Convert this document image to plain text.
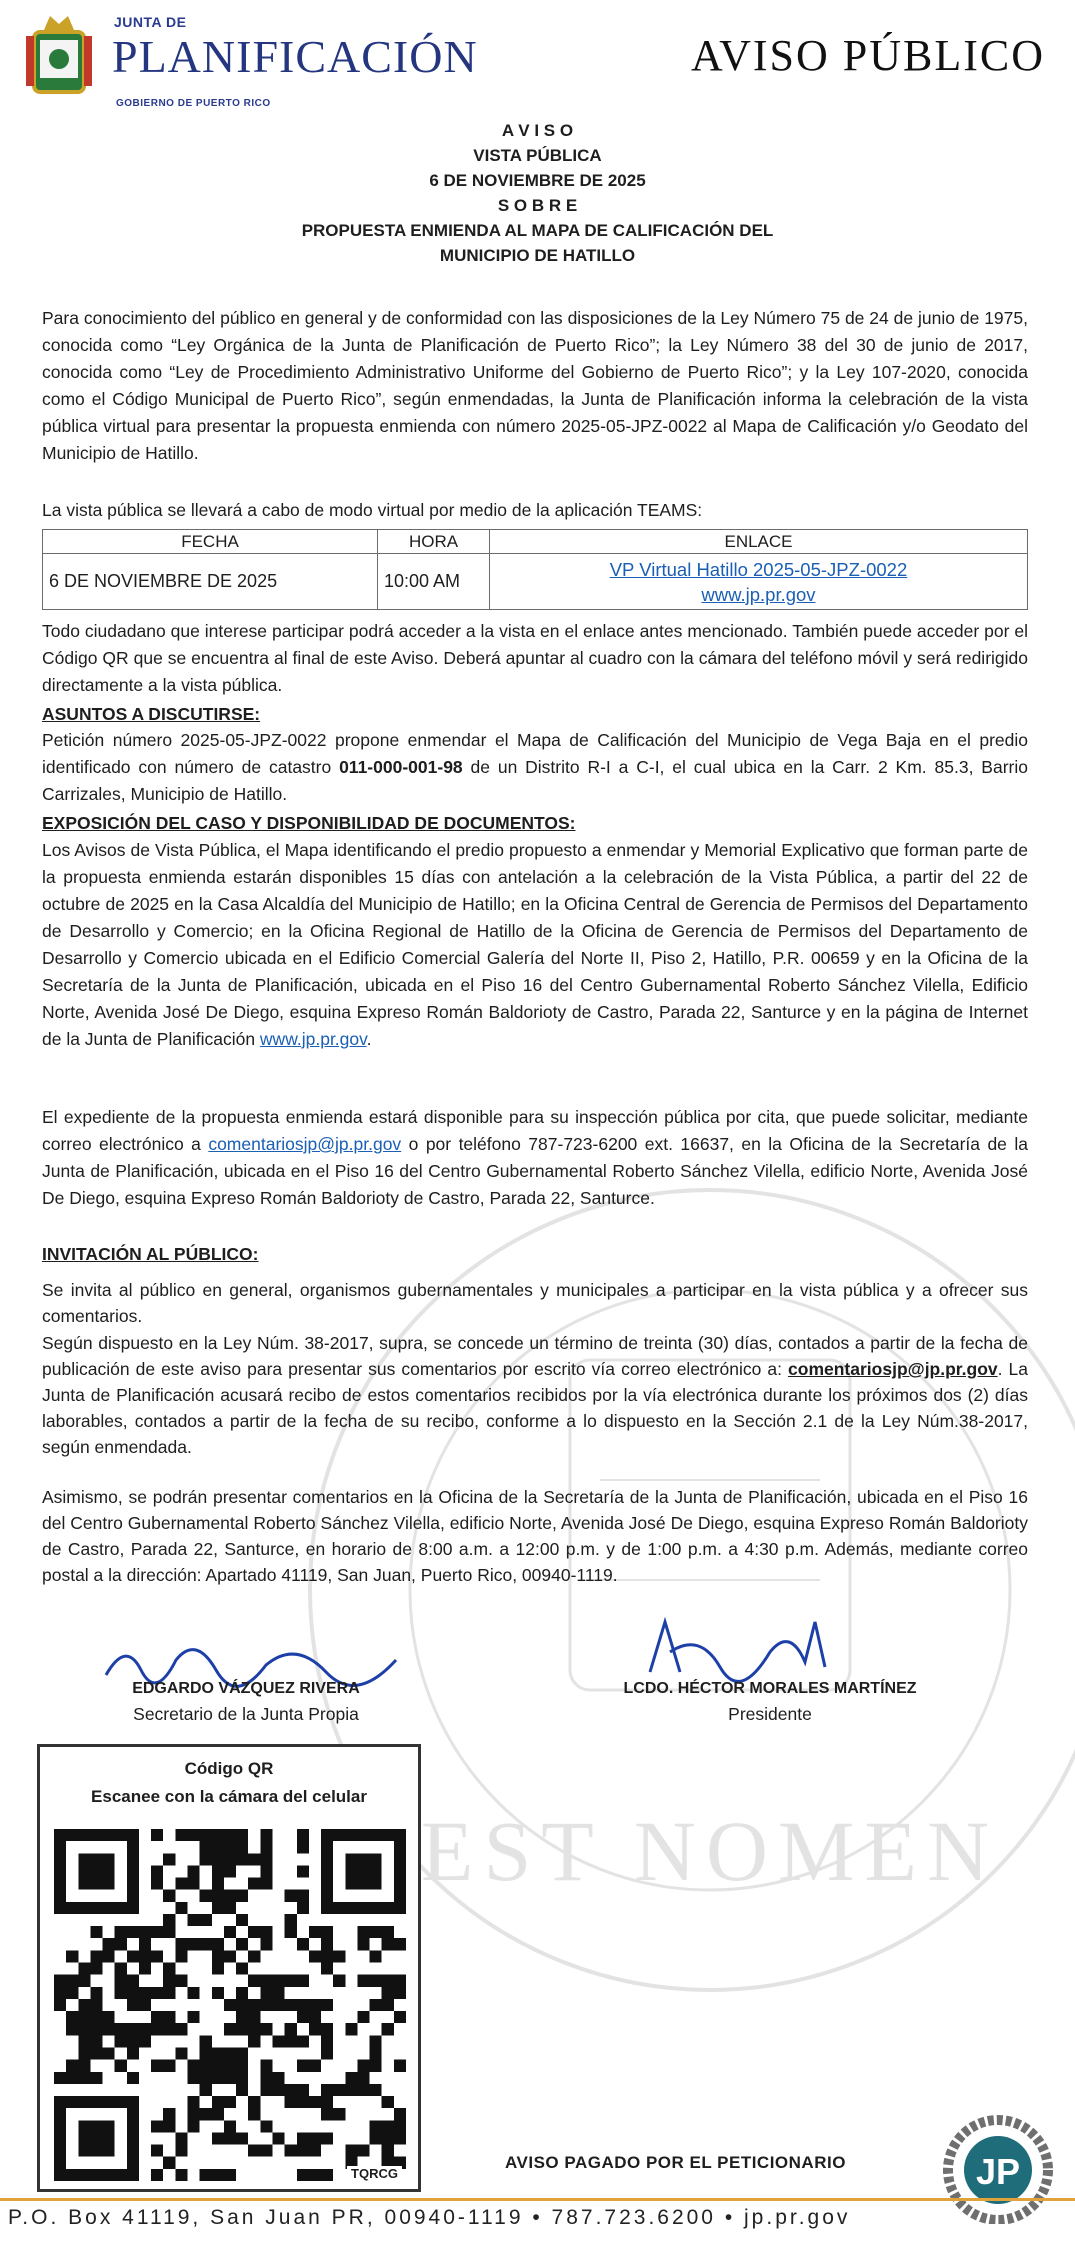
EST NOMEN
JUNTA DE
PLANIFICACIÓN
GOBIERNO DE PUERTO RICO
AVISO PÚBLICO
A V I S O
VISTA PÚBLICA
6 DE NOVIEMBRE DE 2025
S O B R E
PROPUESTA ENMIENDA AL MAPA DE CALIFICACIÓN DEL
MUNICIPIO DE HATILLO
Para conocimiento del público en general y de conformidad con las disposiciones de la Ley Número 75 de 24 de junio de 1975, conocida como “Ley Orgánica de la Junta de Planificación de Puerto Rico”; la Ley Número 38 del 30 de junio de 2017, conocida como “Ley de Procedimiento Administrativo Uniforme del Gobierno de Puerto Rico”; y la Ley 107-2020, conocida como el Código Municipal de Puerto Rico”, según enmendadas, la Junta de Planificación informa la celebración de la vista pública virtual para presentar la propuesta enmienda con número 2025-05-JPZ-0022 al Mapa de Calificación y/o Geodato del Municipio de Hatillo.
La vista pública se llevará a cabo de modo virtual por medio de la aplicación TEAMS:
FECHA	HORA	ENLACE
6 DE NOVIEMBRE DE 2025	10:00 AM	VP Virtual Hatillo 2025-05-JPZ-0022
www.jp.pr.gov
Todo ciudadano que interese participar podrá acceder a la vista en el enlace antes mencionado. También puede acceder por el Código QR que se encuentra al final de este Aviso. Deberá apuntar al cuadro con la cámara del teléfono móvil y será redirigido directamente a la vista pública.
ASUNTOS A DISCUTIRSE:
Petición número 2025-05-JPZ-0022 propone enmendar el Mapa de Calificación del Municipio de Vega Baja en el predio identificado con número de catastro 011-000-001-98 de un Distrito R-I a C-I, el cual ubica en la Carr. 2 Km. 85.3, Barrio Carrizales, Municipio de Hatillo.
EXPOSICIÓN DEL CASO Y DISPONIBILIDAD DE DOCUMENTOS:
Los Avisos de Vista Pública, el Mapa identificando el predio propuesto a enmendar y Memorial Explicativo que forman parte de la propuesta enmienda estarán disponibles 15 días con antelación a la celebración de la Vista Pública, a partir del 22 de octubre de 2025 en la Casa Alcaldía del Municipio de Hatillo; en la Oficina Central de Gerencia de Permisos del Departamento de Desarrollo y Comercio; en la Oficina Regional de Hatillo de la Oficina de Gerencia de Permisos del Departamento de Desarrollo y Comercio ubicada en el Edificio Comercial Galería del Norte II, Piso 2, Hatillo, P.R. 00659 y en la Oficina de la Secretaría de la Junta de Planificación, ubicada en el Piso 16 del Centro Gubernamental Roberto Sánchez Vilella, Edificio Norte, Avenida José De Diego, esquina Expreso Román Baldorioty de Castro, Parada 22, Santurce y en la página de Internet de la Junta de Planificación www.jp.pr.gov.
El expediente de la propuesta enmienda estará disponible para su inspección pública por cita, que puede solicitar, mediante correo electrónico a comentariosjp@jp.pr.gov o por teléfono 787-723-6200 ext. 16637, en la Oficina de la Secretaría de la Junta de Planificación, ubicada en el Piso 16 del Centro Gubernamental Roberto Sánchez Vilella, edificio Norte, Avenida José De Diego, esquina Expreso Román Baldorioty de Castro, Parada 22, Santurce.
INVITACIÓN AL PÚBLICO:
Se invita al público en general, organismos gubernamentales y municipales a participar en la vista pública y a ofrecer sus comentarios.
Según dispuesto en la Ley Núm. 38-2017, supra, se concede un término de treinta (30) días, contados a partir de la fecha de publicación de este aviso para presentar sus comentarios por escrito vía correo electrónico a: comentariosjp@jp.pr.gov. La Junta de Planificación acusará recibo de estos comentarios recibidos por la vía electrónica durante los próximos dos (2) días laborables, contados a partir de la fecha de su recibo, conforme a lo dispuesto en la Sección 2.1 de la Ley Núm.38-2017, según enmendada.
Asimismo, se podrán presentar comentarios en la Oficina de la Secretaría de la Junta de Planificación, ubicada en el Piso 16 del Centro Gubernamental Roberto Sánchez Vilella, edificio Norte, Avenida José De Diego, esquina Expreso Román Baldorioty de Castro, Parada 22, Santurce, en horario de 8:00 a.m. a 12:00 p.m. y de 1:00 p.m. a 4:30 p.m. Además, mediante correo postal a la dirección: Apartado 41119, San Juan, Puerto Rico, 00940-1119.
EDGARDO VÁZQUEZ RIVERA
Secretario de la Junta Propia
LCDO. HÉCTOR MORALES MARTÍNEZ
Presidente
Código QR
Escanee con la cámara del celular
TQRCG
AVISO PAGADO POR EL PETICIONARIO	JP
P.O. Box 41119, San Juan PR, 00940-1119 • 787.723.6200 • jp.pr.gov
